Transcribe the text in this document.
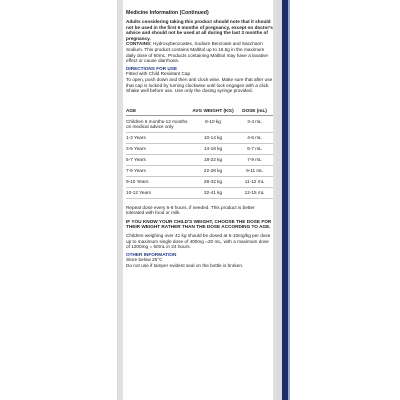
Medicine Information (Continued)

Adults considering taking this product should note that it should not be used in the first 6 months of pregnancy, except on doctor's advice and should not be used at all during the last 3 months of pregnancy.

CONTAINS: Hydroxybenzoates, Sodium Benzoate and Saccharin Sodium. This product contains Maltitol up to 16.5g in the maximum daily dose of 60mL. Products containing Maltitol may have a laxative effect or cause diarrhoea.

DIRECTIONS FOR USE

Fitted with Child Resistant Cap

To open, push down and then anti clock wise. Make sure that after use that cap is locked by turning clockwise until lock engages with a click.

Shake well before use. Use only the dosing syringe provided.

AGE	AVG WEIGHT (KG)	DOSE (mL)
Children 6 months-12 months on medical advice only	8-10 kg	3-4 mL
1-3 Years	10-14 kg	4-6 mL
3-5 Years	14-18 kg	6-7 mL
5-7 Years	18-22 kg	7-9 mL
7-9 Years	22-28 kg	9-11 mL
9-10 Years	28-32 kg	11-12 mL
10-12 Years	32-41 kg	12-15 mL

Repeat dose every 6-8 hours, if needed. This product is better tolerated with food or milk.

IF YOU KNOW YOUR CHILD'S WEIGHT, CHOOSE THE DOSE FOR THEIR WEIGHT RATHER THAN THE DOSE ACCORDING TO AGE.

Children weighing over 41 kg should be dosed at 5-10mg/kg per dose up to maximum single dose of 400mg =20 mL, with a maximum dose of 1200mg = 60mL in 24 hours.

OTHER INFORMATION

Store below 25°C

Do not use if tamper evident seal on the bottle is broken.
